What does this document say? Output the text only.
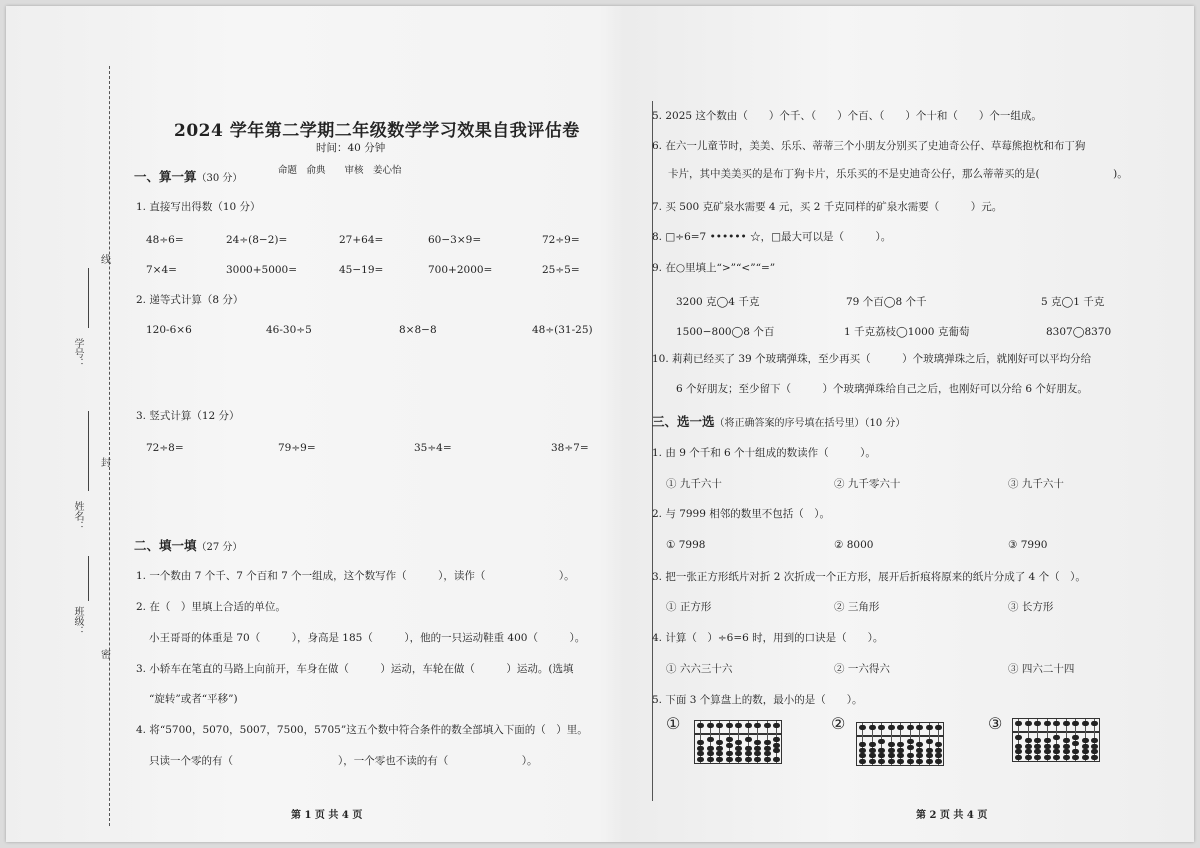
线
封
密
学号：
姓名：
班级：
2024 学年第二学期二年级数学学习效果自我评估卷
时间：40 分钟
命题　俞典　　审核　姜心怡
一、算一算（30 分）
1. 直接写出得数（10 分）
48÷6=	24÷(8−2)=	27+64=	60−3×9=	72÷9=
7×4=	3000+5000=	45−19=	700+2000=	25÷5=
2. 递等式计算（8 分）
120-6×6	46-30÷5	8×8−8	48÷(31-25)
3. 竖式计算（12 分）
72÷8=	79÷9=	35÷4=	38÷7=
二、填一填（27 分）
1. 一个数由 7 个千、7 个百和 7 个一组成，这个数写作（　　　），读作（　　　　　　　）。
2. 在（　）里填上合适的单位。
小王哥哥的体重是 70（　　　），身高是 185（　　　），他的一只运动鞋重 400（　　　）。
3. 小轿车在笔直的马路上向前开，车身在做（　　　）运动，车轮在做（　　　）运动。(选填
“旋转”或者“平移”)
4. 将“5700，5070，5007，7500，5705”这五个数中符合条件的数全部填入下面的（　）里。
只读一个零的有（　　　　　　　　　　），一个零也不读的有（　　　　　　　）。
第 1 页 共 4 页
5. 2025 这个数由（　　）个千、（　　）个百、（　　）个十和（　　）个一组成。
6. 在六一儿童节时，美美、乐乐、蒂蒂三个小朋友分别买了史迪奇公仔、草莓熊抱枕和布丁狗
卡片，其中美美买的是布丁狗卡片，乐乐买的不是史迪奇公仔，那么蒂蒂买的是(　　　　　　　)。
7. 买 500 克矿泉水需要 4 元，买 2 千克同样的矿泉水需要（　　　）元。
8. □÷6=7 •••••• ☆，□最大可以是（　　　）。
9. 在○里填上“>”“<”“=”
3200 克◯4 千克	79 个百◯8 个千	5 克◯1 千克
1500−800◯8 个百	1 千克荔枝◯1000 克葡萄	8307◯8370
10. 莉莉已经买了 39 个玻璃弹珠，至少再买（　　　）个玻璃弹珠之后，就刚好可以平均分给
6 个好朋友；至少留下（　　　）个玻璃弹珠给自己之后，也刚好可以分给 6 个好朋友。
三、选一选（将正确答案的序号填在括号里）（10 分）
1. 由 9 个千和 6 个十组成的数读作（　　　）。
① 九千六十	② 九千零六十	③ 九千六十
2. 与 7999 相邻的数里不包括（　）。
① 7998	② 8000	③ 7990
3. 把一张正方形纸片对折 2 次折成一个正方形，展开后折痕将原来的纸片分成了 4 个（　）。
① 正方形	② 三角形	③ 长方形
4. 计算（　）÷6=6 时，用到的口诀是（　　）。
① 六六三十六	② 一六得六	③ 四六二十四
5. 下面 3 个算盘上的数，最小的是（　　）。
①	②	③
第 2 页 共 4 页
